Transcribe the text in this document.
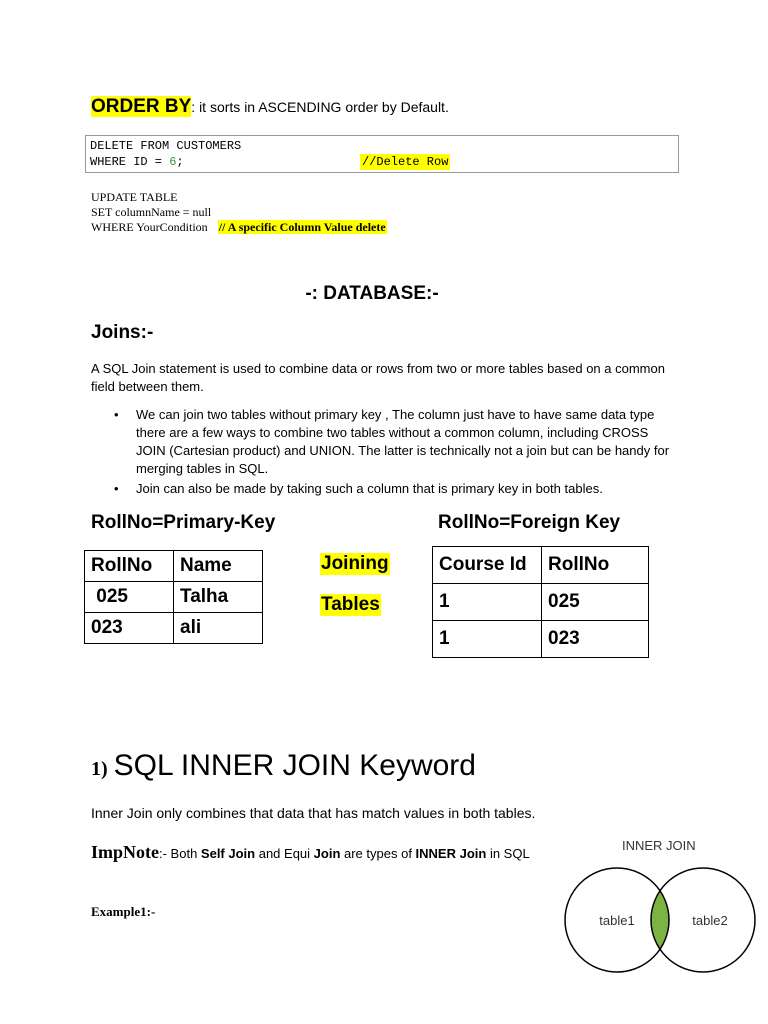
ORDER BY: it sorts in ASCENDING order by Default.
DELETE FROM CUSTOMERS
WHERE ID = 6;	//Delete Row
UPDATE TABLE
SET columnName = null
WHERE YourCondition // A specific Column Value delete
-: DATABASE:-
Joins:-
A SQL Join statement is used to combine data or rows from two or more tables based on a common field between them.
• We can join two tables without primary key , The column just have to have same data type there are a few ways to combine two tables without a common column, including CROSS JOIN (Cartesian product) and UNION. The latter is technically not a join but can be handy for merging tables in SQL.
• Join can also be made by taking such a column that is primary key in both tables.
RollNo=Primary-Key	RollNo=Foreign Key
RollNo	Name
025	Talha
023	ali
Joining
Tables
Course Id	RollNo
1	025
1	023
1) SQL INNER JOIN Keyword
Inner Join only combines that data that has match values in both tables.
ImpNote:- Both Self Join and Equi Join are types of INNER Join in SQL
Example1:-
INNER JOIN
table1	table2
